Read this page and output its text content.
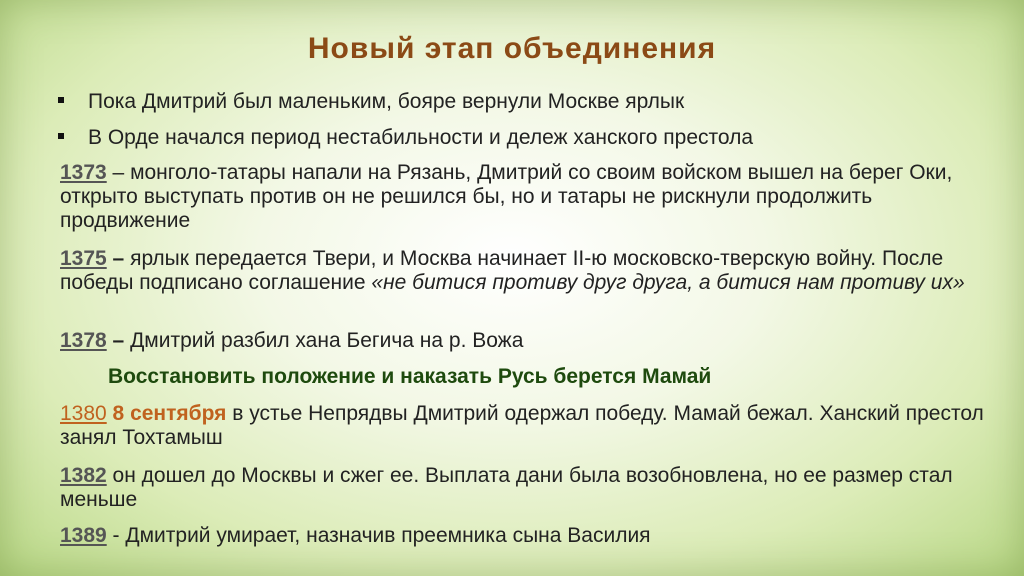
Новый этап объединения
Пока Дмитрий был маленьким, бояре вернули Москве ярлык
В Орде начался период нестабильности и дележ ханского престола
1373 – монголо-татары напали на Рязань, Дмитрий со своим войском вышел на берег Оки, открыто выступать против он не решился бы, но и татары не рискнули продолжить продвижение
1375 – ярлык передается Твери, и Москва начинает II-ю московско-тверскую войну. После победы подписано соглашение «не битися противу друг друга, а битися нам противу их»
1378 – Дмитрий разбил хана Бегича на р. Вожа
Восстановить положение и наказать Русь берется Мамай
1380 8 сентября в устье Непрядвы Дмитрий одержал победу. Мамай бежал. Ханский престол занял Тохтамыш
1382 он дошел до Москвы и сжег ее. Выплата дани была возобновлена, но ее размер стал меньше
1389 - Дмитрий умирает, назначив преемника сына Василия
